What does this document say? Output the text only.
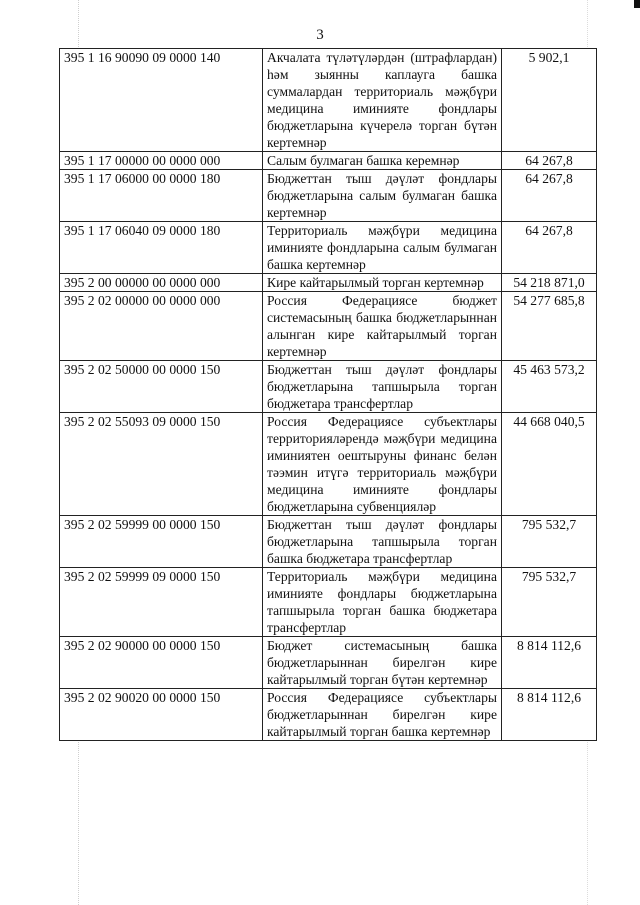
3
395 1 16 90090 09 0000 140	Акчалата түләтүләрдән (штрафлардан) һәм зыянны каплауга башка суммалардан территориаль мәҗбүри медицина иминияте фондлары бюджетларына күчерелә торган бүтән кертемнәр	5 902,1
395 1 17 00000 00 0000 000	Салым булмаган башка керемнәр	64 267,8
395 1 17 06000 00 0000 180	Бюджеттан тыш дәүләт фондлары бюджетларына салым булмаган башка кертемнәр	64 267,8
395 1 17 06040 09 0000 180	Территориаль мәҗбүри медицина иминияте фондларына салым булмаган башка кертемнәр	64 267,8
395 2 00 00000 00 0000 000	Кире кайтарылмый торган кертемнәр	54 218 871,0
395 2 02 00000 00 0000 000	Россия Федерациясе бюджет системасының башка бюджетларыннан алынган кире кайтарылмый торган кертемнәр	54 277 685,8
395 2 02 50000 00 0000 150	Бюджеттан тыш дәүләт фондлары бюджетларына тапшырыла торган бюджетара трансфертлар	45 463 573,2
395 2 02 55093 09 0000 150	Россия Федерациясе субъектлары территорияләрендә мәҗбүри медицина иминиятен оештыруны финанс белән тәэмин итүгә территориаль мәҗбүри медицина иминияте фондлары бюджетларына субвенцияләр	44 668 040,5
395 2 02 59999 00 0000 150	Бюджеттан тыш дәүләт фондлары бюджетларына тапшырыла торган башка бюджетара трансфертлар	795 532,7
395 2 02 59999 09 0000 150	Территориаль мәҗбүри медицина иминияте фондлары бюджетларына тапшырыла торган башка бюджетара трансфертлар	795 532,7
395 2 02 90000 00 0000 150	Бюджет системасының башка бюджетларыннан бирелгән кире кайтарылмый торган бүтән кертемнәр	8 814 112,6
395 2 02 90020 00 0000 150	Россия Федерациясе субъектлары бюджетларыннан бирелгән кире кайтарылмый торган башка кертемнәр	8 814 112,6
